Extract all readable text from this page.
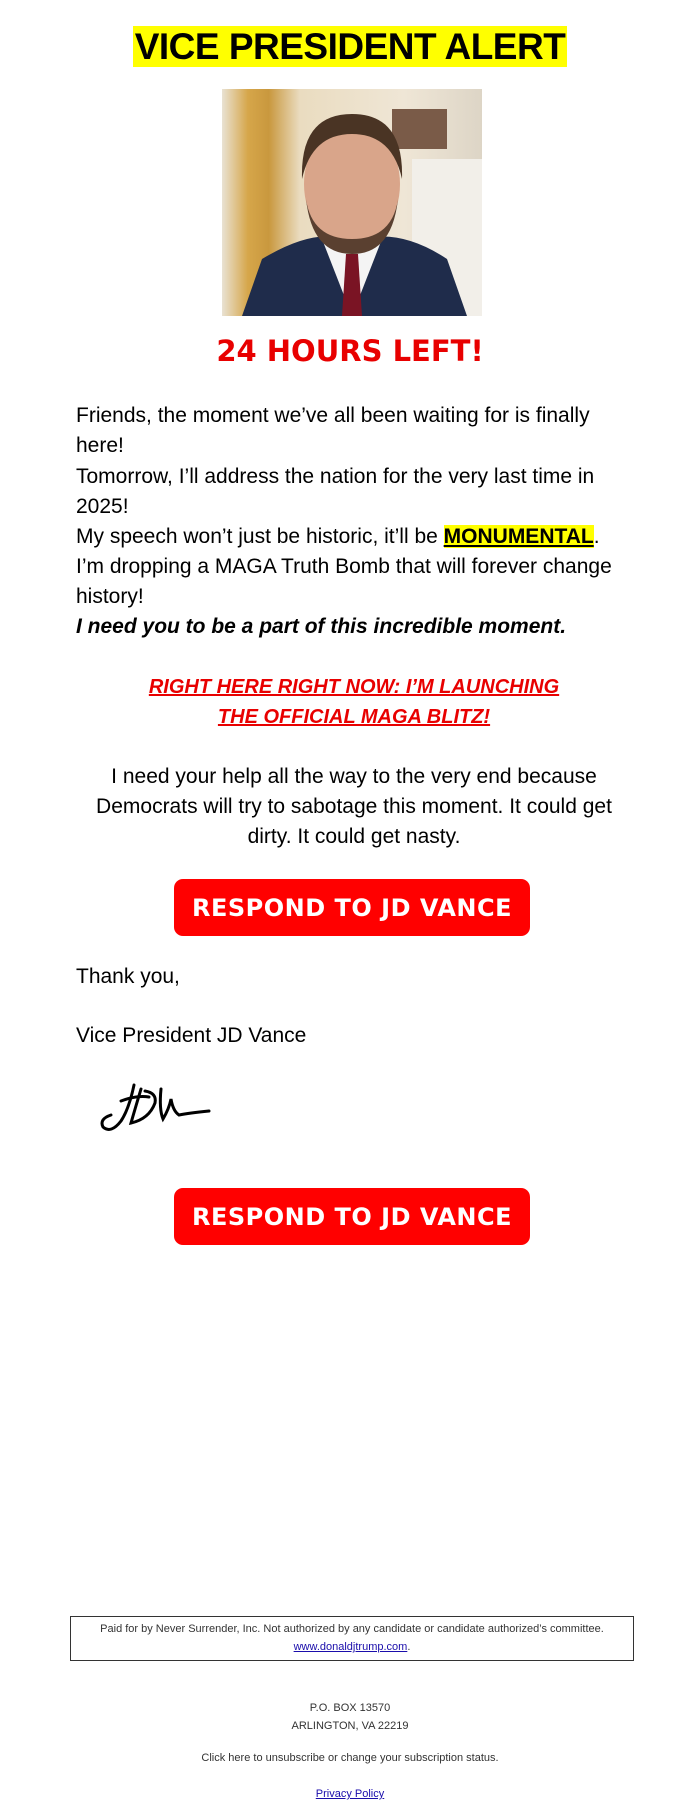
VICE PRESIDENT ALERT
24 HOURS LEFT!
Friends, the moment we’ve all been waiting for is finally here!
Tomorrow, I’ll address the nation for the very last time in 2025!
My speech won’t just be historic, it’ll be MONUMENTAL. I’m dropping a MAGA Truth Bomb that will forever change history!
I need you to be a part of this incredible moment.
RIGHT HERE RIGHT NOW: I’M LAUNCHING THE OFFICIAL MAGA BLITZ!
I need your help all the way to the very end because Democrats will try to sabotage this moment. It could get dirty. It could get nasty.
RESPOND TO JD VANCE
Thank you,
Vice President JD Vance
RESPOND TO JD VANCE
Paid for by Never Surrender, Inc. Not authorized by any candidate or candidate authorized’s committee.
www.donaldjtrump.com.
P.O. BOX 13570
ARLINGTON, VA 22219
Click here to unsubscribe or change your subscription status.
Privacy Policy
